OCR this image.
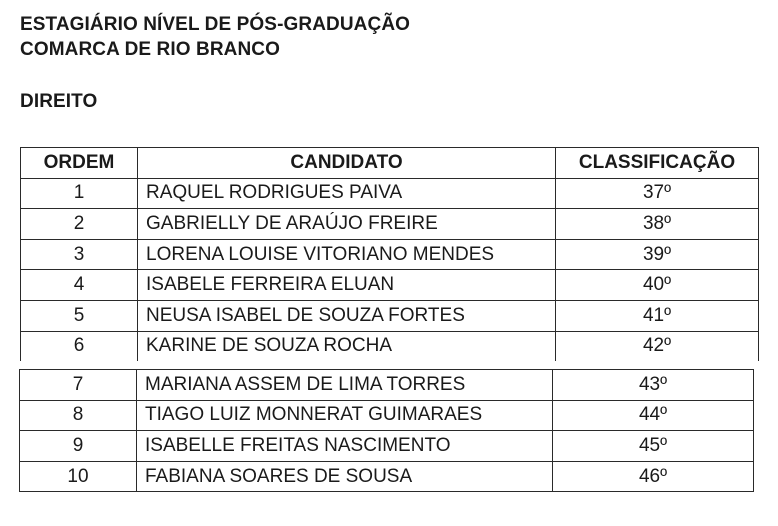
ESTAGIÁRIO NÍVEL DE PÓS-GRADUAÇÃO
COMARCA DE RIO BRANCO
DIREITO
ORDEM	CANDIDATO	CLASSIFICAÇÃO
1	RAQUEL RODRIGUES PAIVA	37º
2	GABRIELLY DE ARAÚJO FREIRE	38º
3	LORENA LOUISE VITORIANO MENDES	39º
4	ISABELE FERREIRA ELUAN	40º
5	NEUSA ISABEL DE SOUZA FORTES	41º
6	KARINE DE SOUZA ROCHA	42º
7	MARIANA ASSEM DE LIMA TORRES	43º
8	TIAGO LUIZ MONNERAT GUIMARAES	44º
9	ISABELLE FREITAS NASCIMENTO	45º
10	FABIANA SOARES DE SOUSA	46º
